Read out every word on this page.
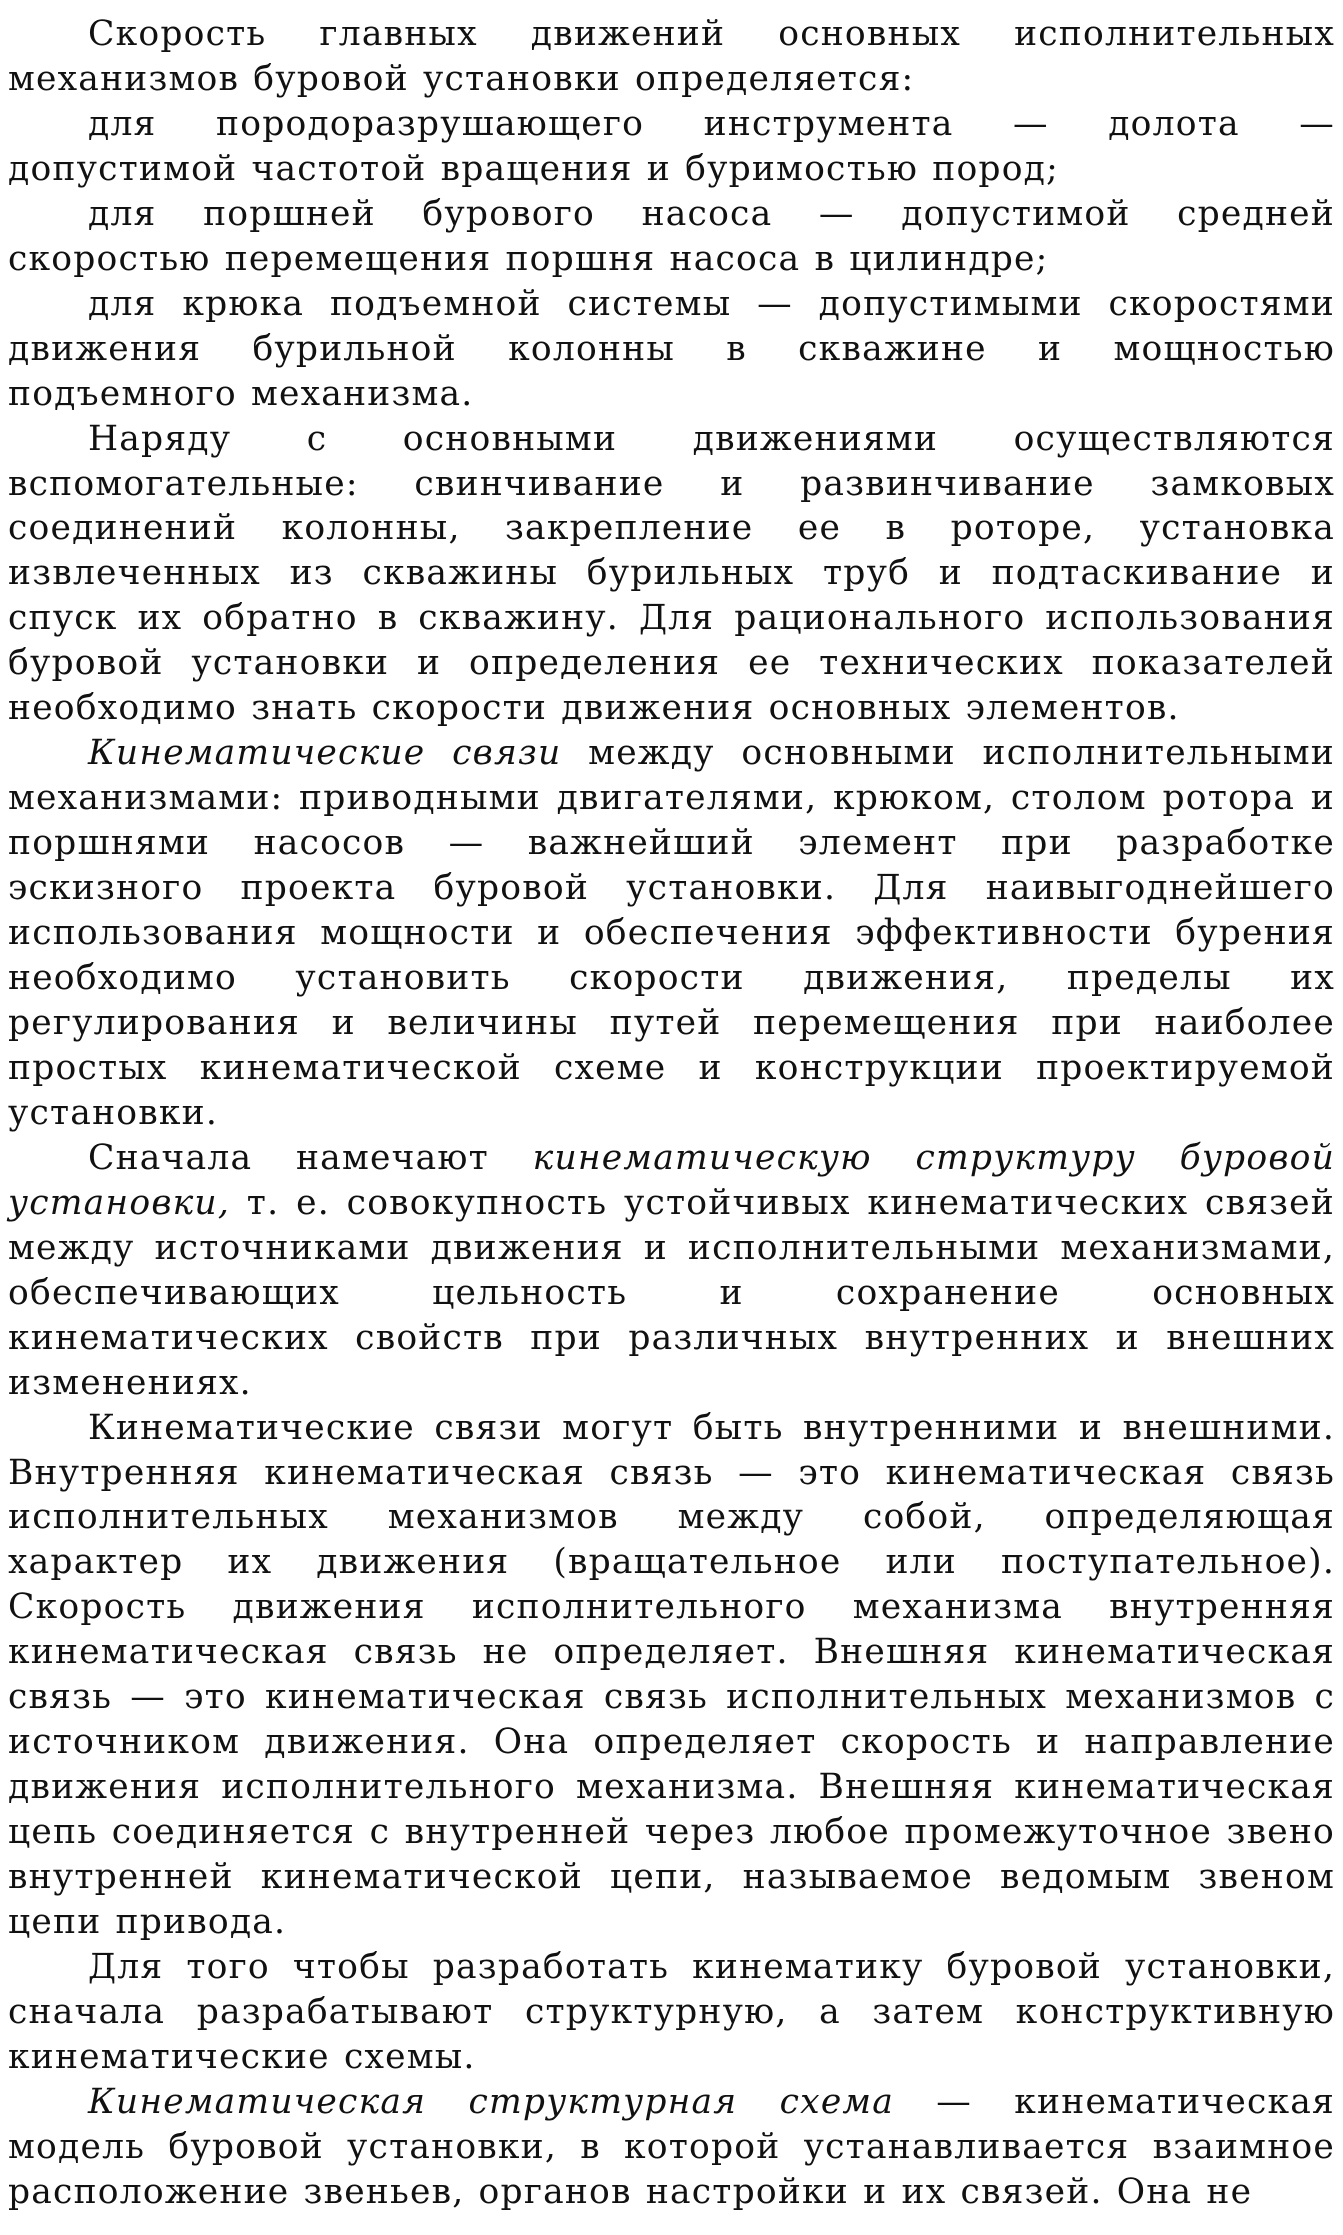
Скорость главных движений основных исполнительных механизмов буровой установки определяется:

для породоразрушающего инструмента — долота — допустимой частотой вращения и буримостью пород;

для поршней бурового насоса — допустимой средней скоростью перемещения поршня насоса в цилиндре;

для крюка подъемной системы — допустимыми скоростями движения бурильной колонны в скважине и мощностью подъемного механизма.

Наряду с основными движениями осуществляются вспомогательные: свинчивание и развинчивание замковых соединений колонны, закрепление ее в роторе, установка извлеченных из скважины бурильных труб и подтаскивание и спуск их обратно в скважину. Для рационального использования буровой установки и определения ее технических показателей необходимо знать скорости движения основных элементов.

Кинематические связи между основными исполнительными механизмами: приводными двигателями, крюком, столом ротора и поршнями насосов — важнейший элемент при разработке эскизного проекта буровой установки. Для наивыгоднейшего использования мощности и обеспечения эффективности бурения необходимо установить скорости движения, пределы их регулирования и величины путей перемещения при наиболее простых кинематической схеме и конструкции проектируемой установки.

Сначала намечают кинематическую структуру буровой установки, т. е. совокупность устойчивых кинематических связей между источниками движения и исполнительными механизмами, обеспечивающих цельность и сохранение основных кинематических свойств при различных внутренних и внешних изменениях.

Кинематические связи могут быть внутренними и внешними. Внутренняя кинематическая связь — это кинематическая связь исполнительных механизмов между собой, определяющая характер их движения (вращательное или поступательное). Скорость движения исполнительного механизма внутренняя кинематическая связь не определяет. Внешняя кинематическая связь — это кинематическая связь исполнительных механизмов с источником движения. Она определяет скорость и направление движения исполнительного механизма. Внешняя кинематическая цепь соединяется с внутренней через любое промежуточное звено внутренней кинематической цепи, называемое ведомым звеном цепи привода.

Для того чтобы разработать кинематику буровой установки, сначала разрабатывают структурную, а затем конструктивную кинематические схемы.

Кинематическая структурная схема — кинематическая модель буровой установки, в которой устанавливается взаимное расположение звеньев, органов настройки и их связей. Она не
